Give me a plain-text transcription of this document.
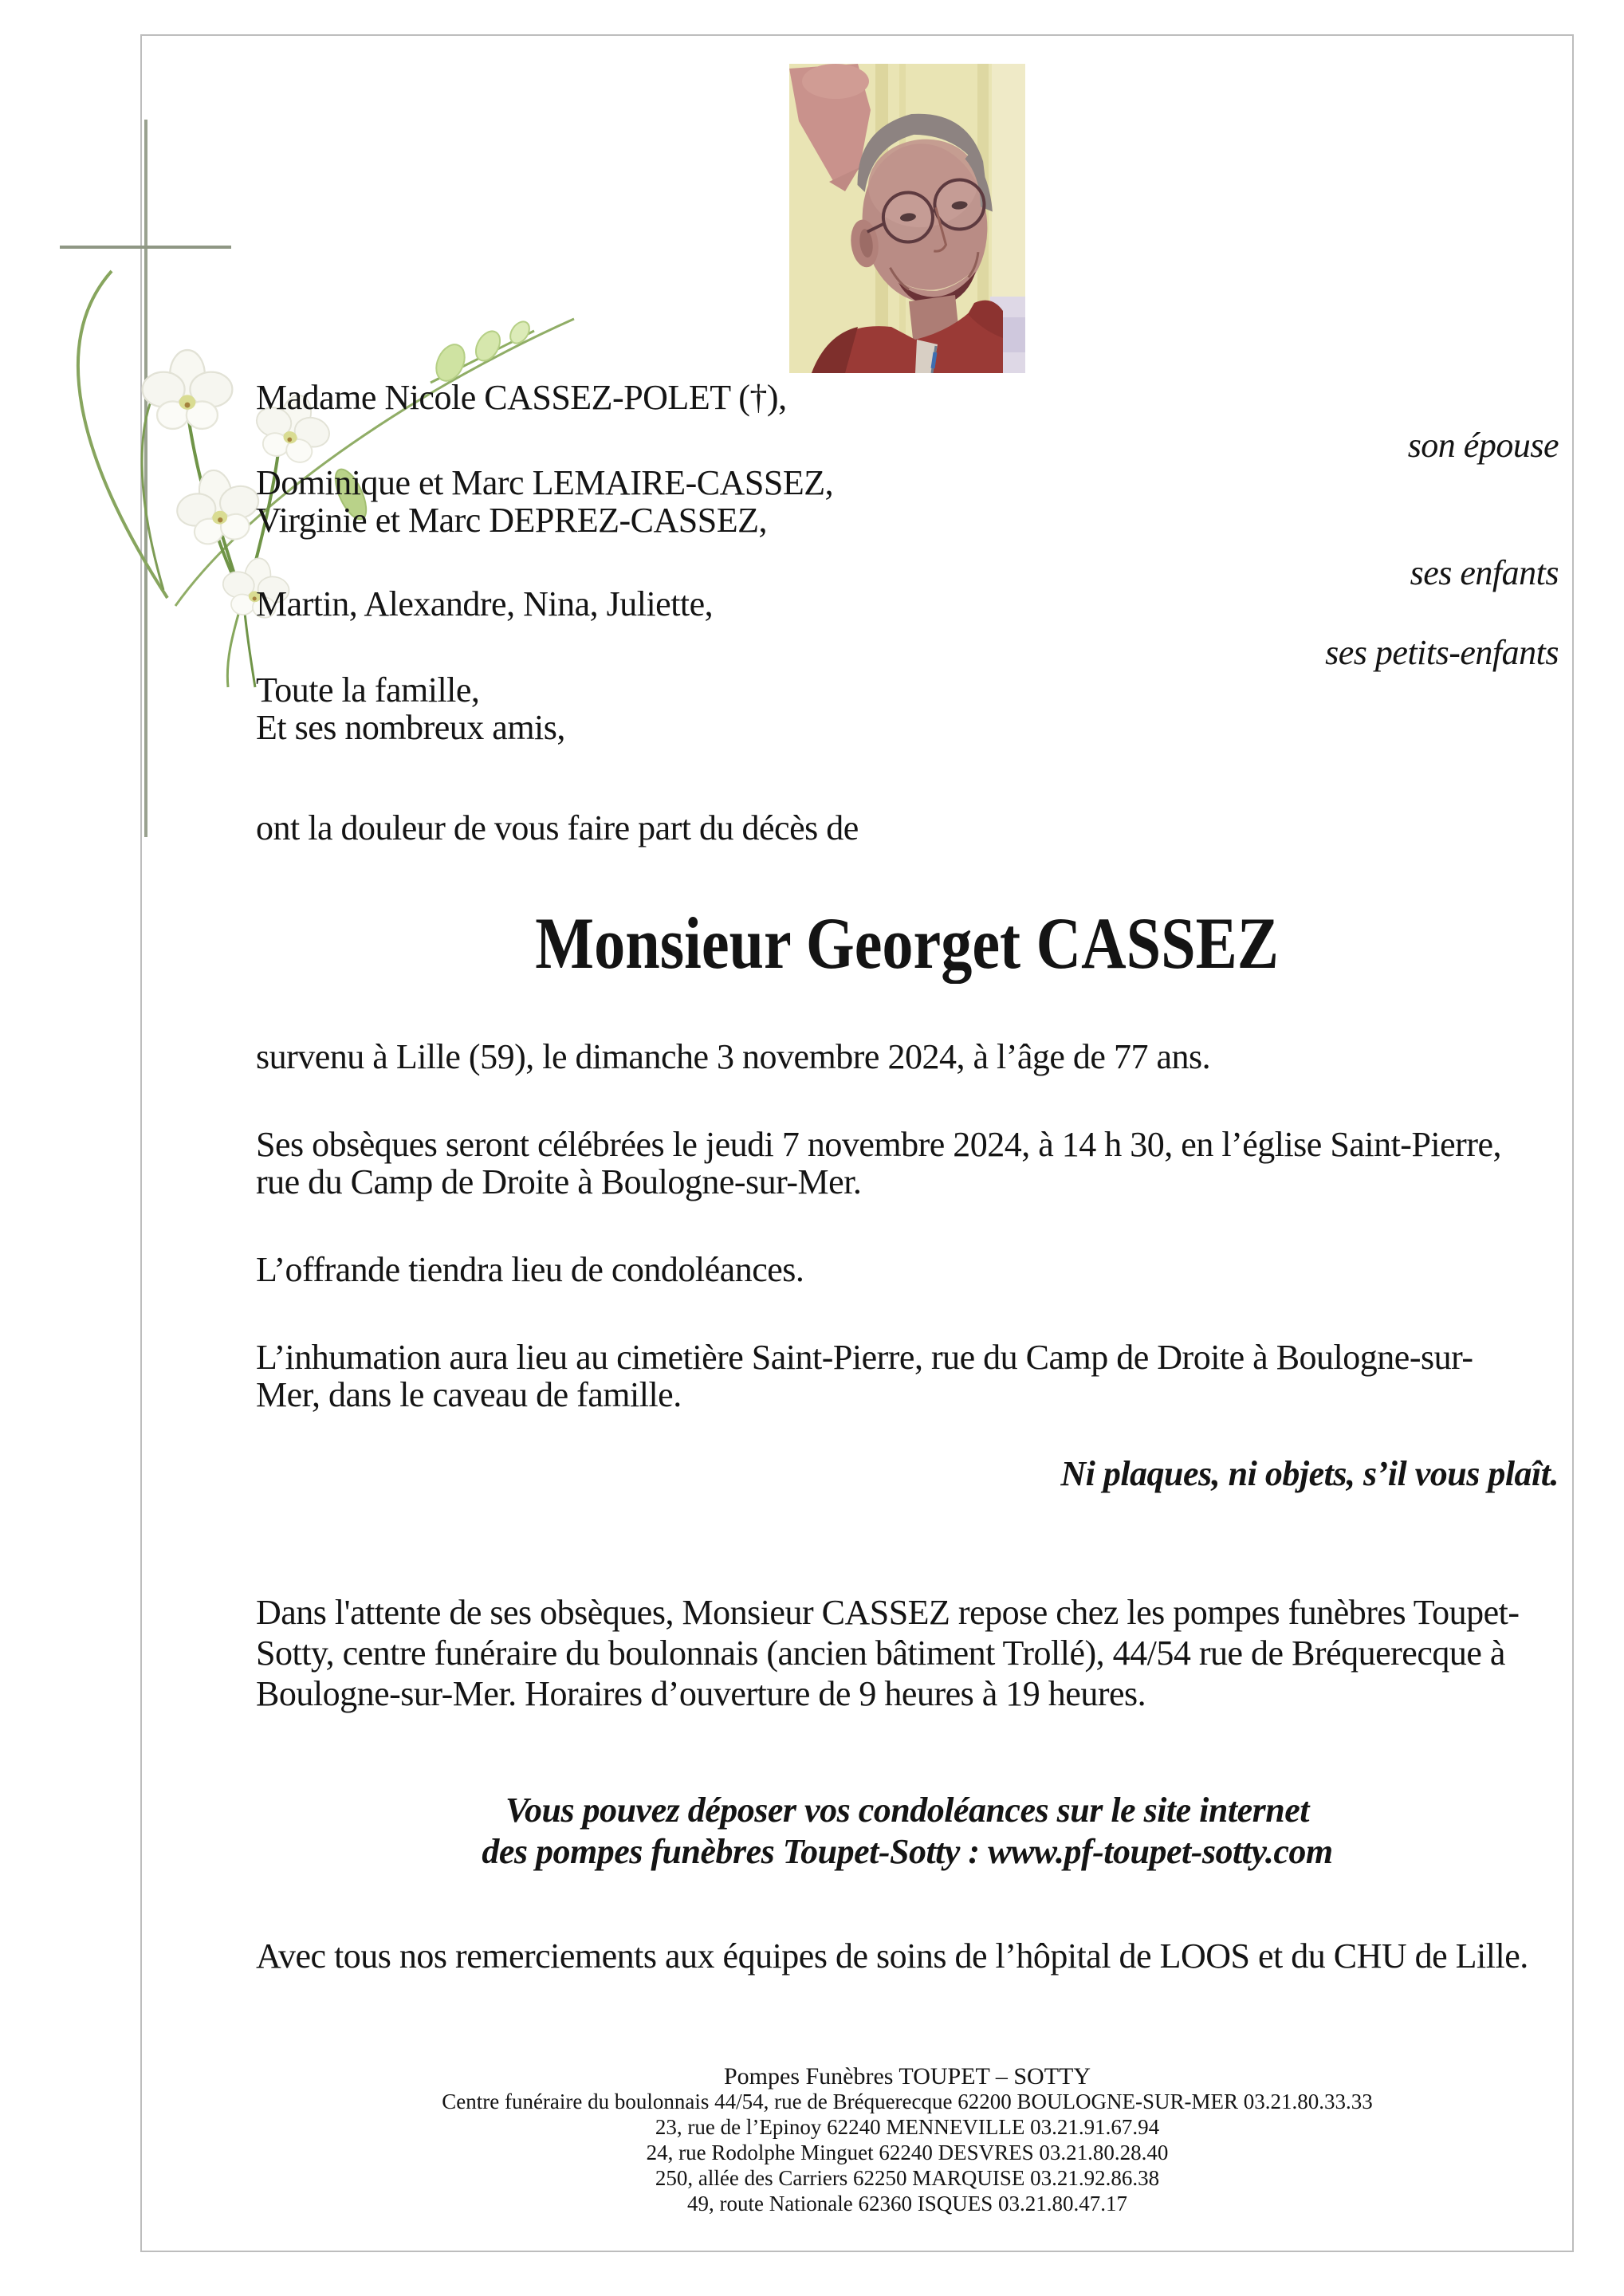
Madame Nicole CASSEZ-POLET (†),
son épouse
Dominique et Marc LEMAIRE-CASSEZ,
Virginie et Marc DEPREZ-CASSEZ,
ses enfants
Martin, Alexandre, Nina, Juliette,
ses petits-enfants
Toute la famille,
Et ses nombreux amis,
ont la douleur de vous faire part du décès de
Monsieur Georget CASSEZ
survenu à Lille (59), le dimanche 3 novembre 2024, à l’âge de 77 ans.
Ses obsèques seront célébrées le jeudi 7 novembre 2024, à 14 h 30, en l’église Saint-Pierre,
rue du Camp de Droite à Boulogne-sur-Mer.
L’offrande tiendra lieu de condoléances.
L’inhumation aura lieu au cimetière Saint-Pierre, rue du Camp de Droite à Boulogne-sur-
Mer, dans le caveau de famille.
Ni plaques, ni objets, s’il vous plaît.
Dans l'attente de ses obsèques, Monsieur CASSEZ repose chez les pompes funèbres Toupet-
Sotty, centre funéraire du boulonnais (ancien bâtiment Trollé), 44/54 rue de Bréquerecque à
Boulogne-sur-Mer. Horaires d’ouverture de 9 heures à 19 heures.
Vous pouvez déposer vos condoléances sur le site internet
des pompes funèbres Toupet-Sotty : www.pf-toupet-sotty.com
Avec tous nos remerciements aux équipes de soins de l’hôpital de LOOS et du CHU de Lille.
Pompes Funèbres TOUPET – SOTTY
Centre funéraire du boulonnais 44/54, rue de Bréquerecque 62200 BOULOGNE-SUR-MER 03.21.80.33.33
23, rue de l’Epinoy 62240 MENNEVILLE 03.21.91.67.94
24, rue Rodolphe Minguet 62240 DESVRES 03.21.80.28.40
250, allée des Carriers 62250 MARQUISE 03.21.92.86.38
49, route Nationale 62360 ISQUES 03.21.80.47.17
